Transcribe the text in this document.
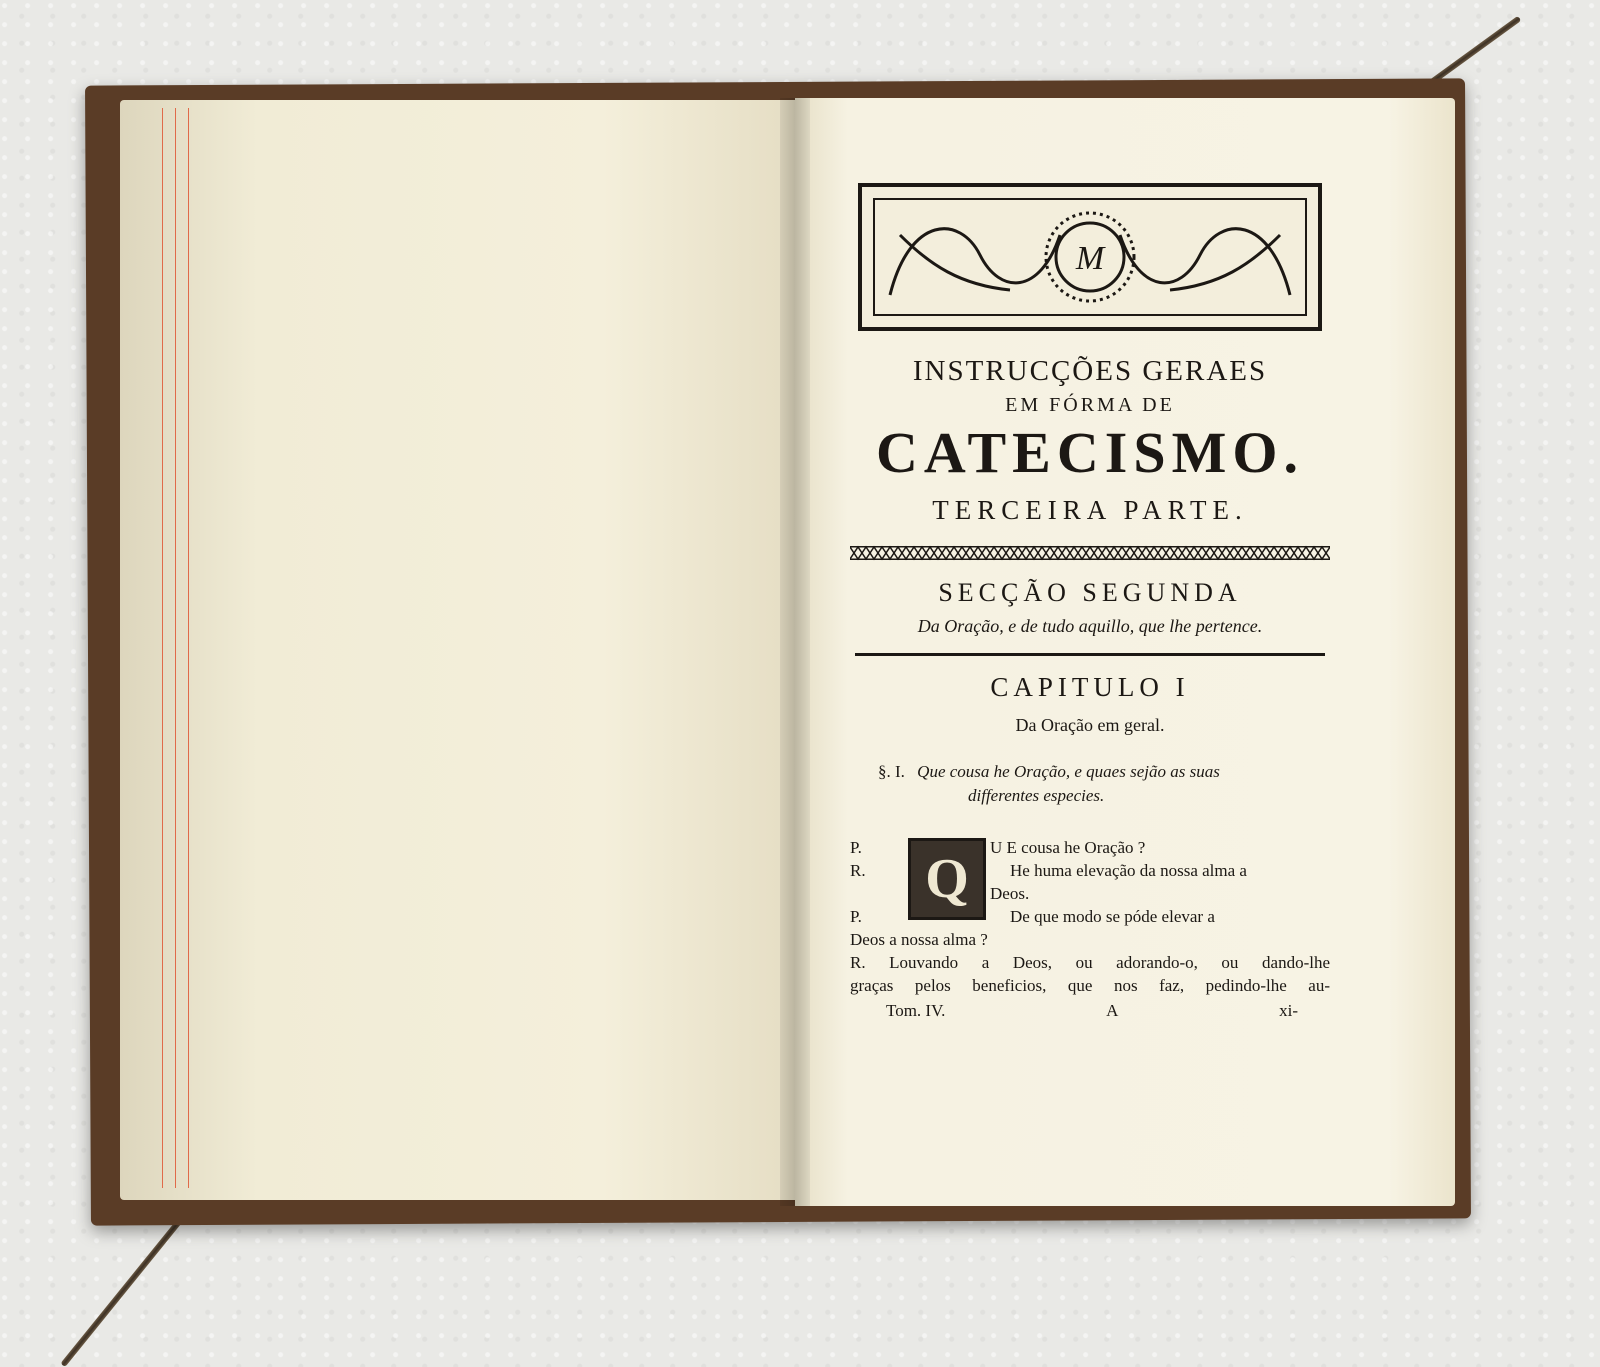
M
INSTRUCÇÕES GERAES
EM FÓRMA DE
CATECISMO.
TERCEIRA PARTE.
SECÇÃO SEGUNDA
Da Oração, e de tudo aquillo, que lhe pertence.
CAPITULO I
Da Oração em geral.
§. I. Que cousa he Oração, e quaes sejão as suas
differentes especies.
Q
P.	U E cousa he Oração ?
R.	He huma elevação da nossa alma a
Deos.
P.	De que modo se póde elevar a
Deos a nossa alma ?
R. Louvando a Deos, ou adorando-o, ou dando-lhe
graças pelos beneficios, que nos faz, pedindo-lhe au-
Tom. IV.	A	xi-
